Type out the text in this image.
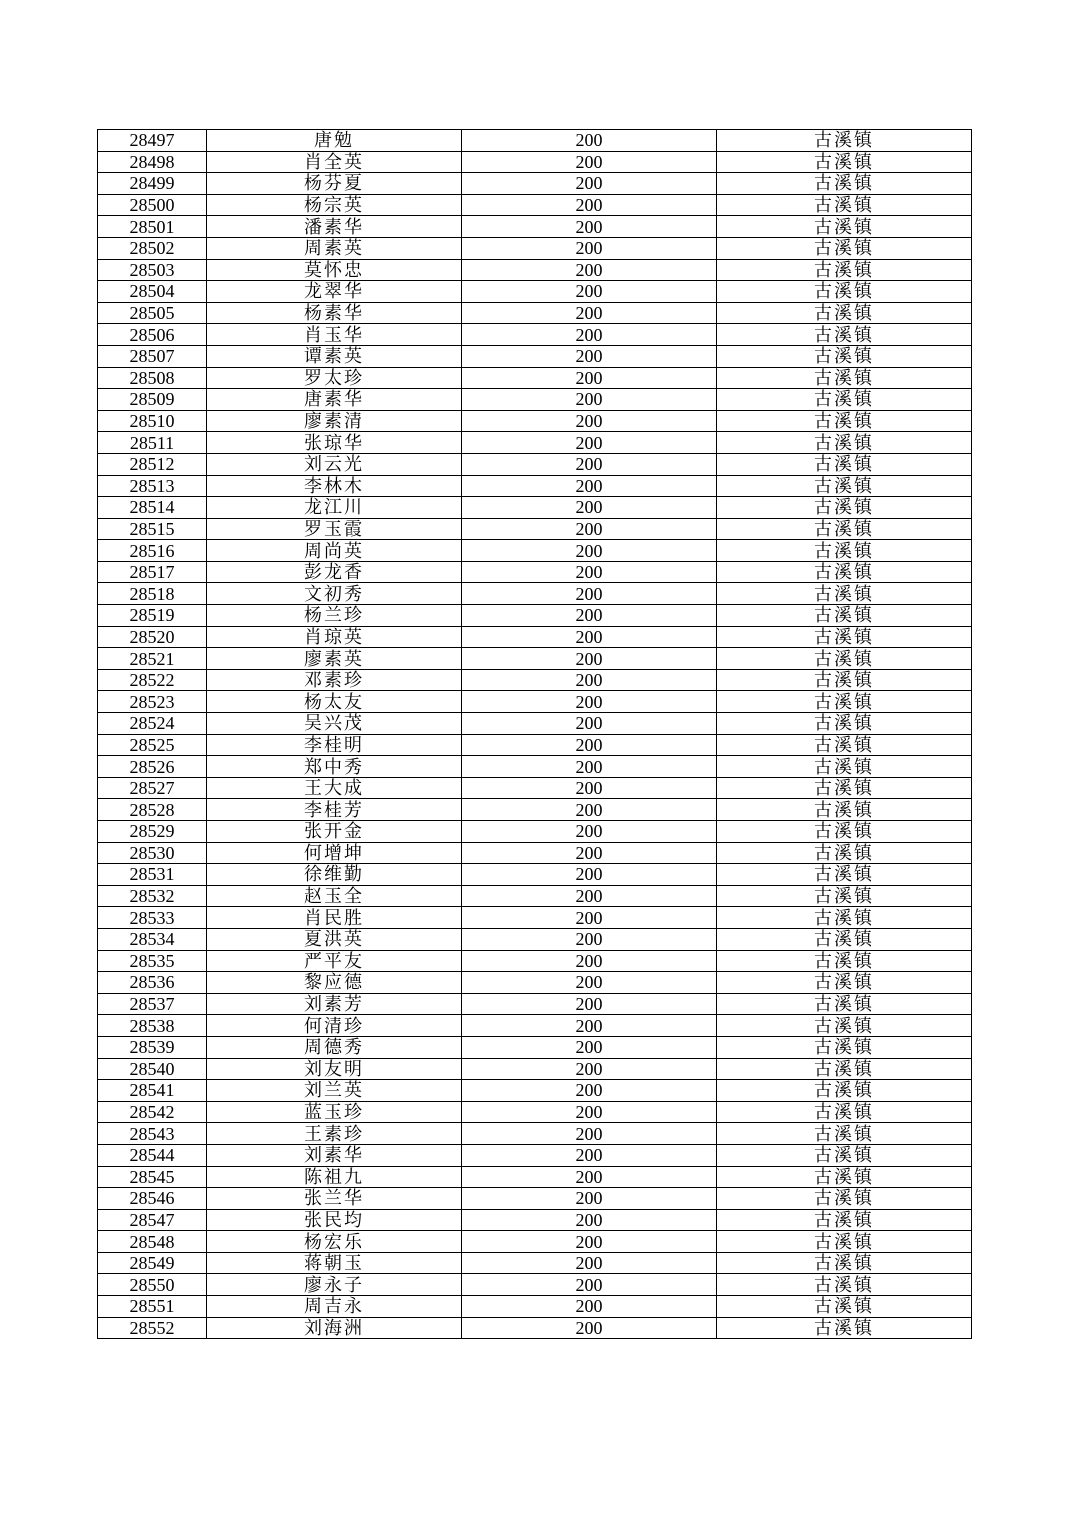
28497	唐勉	200	古溪镇
28498	肖全英	200	古溪镇
28499	杨芬夏	200	古溪镇
28500	杨宗英	200	古溪镇
28501	潘素华	200	古溪镇
28502	周素英	200	古溪镇
28503	莫怀忠	200	古溪镇
28504	龙翠华	200	古溪镇
28505	杨素华	200	古溪镇
28506	肖玉华	200	古溪镇
28507	谭素英	200	古溪镇
28508	罗太珍	200	古溪镇
28509	唐素华	200	古溪镇
28510	廖素清	200	古溪镇
28511	张琼华	200	古溪镇
28512	刘云光	200	古溪镇
28513	李林木	200	古溪镇
28514	龙江川	200	古溪镇
28515	罗玉霞	200	古溪镇
28516	周尚英	200	古溪镇
28517	彭龙香	200	古溪镇
28518	文初秀	200	古溪镇
28519	杨兰珍	200	古溪镇
28520	肖琼英	200	古溪镇
28521	廖素英	200	古溪镇
28522	邓素珍	200	古溪镇
28523	杨太友	200	古溪镇
28524	吴兴茂	200	古溪镇
28525	李桂明	200	古溪镇
28526	郑中秀	200	古溪镇
28527	王大成	200	古溪镇
28528	李桂芳	200	古溪镇
28529	张开金	200	古溪镇
28530	何增坤	200	古溪镇
28531	徐维勤	200	古溪镇
28532	赵玉全	200	古溪镇
28533	肖民胜	200	古溪镇
28534	夏洪英	200	古溪镇
28535	严平友	200	古溪镇
28536	黎应德	200	古溪镇
28537	刘素芳	200	古溪镇
28538	何清珍	200	古溪镇
28539	周德秀	200	古溪镇
28540	刘友明	200	古溪镇
28541	刘兰英	200	古溪镇
28542	蓝玉珍	200	古溪镇
28543	王素珍	200	古溪镇
28544	刘素华	200	古溪镇
28545	陈祖九	200	古溪镇
28546	张兰华	200	古溪镇
28547	张民均	200	古溪镇
28548	杨宏乐	200	古溪镇
28549	蒋朝玉	200	古溪镇
28550	廖永子	200	古溪镇
28551	周吉永	200	古溪镇
28552	刘海洲	200	古溪镇
